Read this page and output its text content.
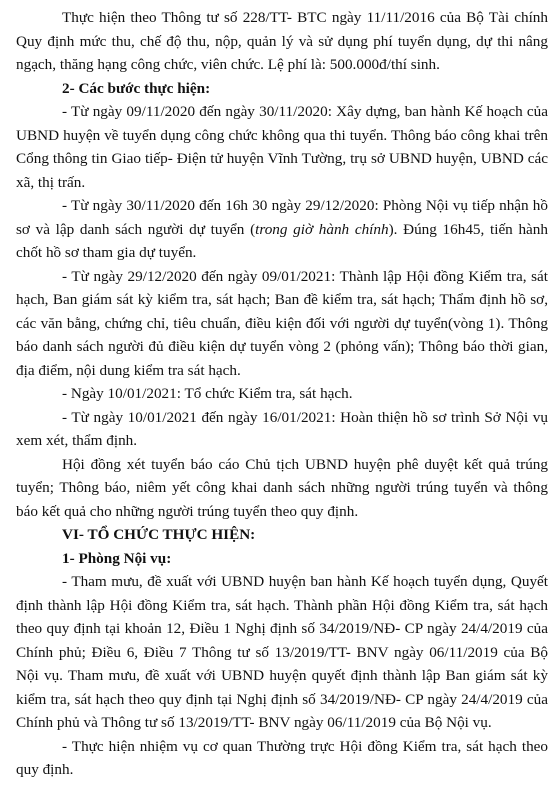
Thực hiện theo Thông tư số 228/TT- BTC ngày 11/11/2016 của Bộ Tài chính Quy định mức thu, chế độ thu, nộp, quản lý và sử dụng phí tuyển dụng, dự thi nâng ngạch, thăng hạng công chức, viên chức. Lệ phí là: 500.000đ/thí sinh.

2- Các bước thực hiện:

- Từ ngày 09/11/2020 đến ngày 30/11/2020: Xây dựng, ban hành Kế hoạch của UBND huyện về tuyển dụng công chức không qua thi tuyển. Thông báo công khai trên Cổng thông tin Giao tiếp- Điện tử huyện Vĩnh Tường, trụ sở UBND huyện, UBND các xã, thị trấn.

- Từ ngày 30/11/2020 đến 16h 30 ngày 29/12/2020: Phòng Nội vụ tiếp nhận hồ sơ và lập danh sách người dự tuyển (trong giờ hành chính). Đúng 16h45, tiến hành chốt hồ sơ tham gia dự tuyển.

- Từ ngày 29/12/2020 đến ngày 09/01/2021: Thành lập Hội đồng Kiểm tra, sát hạch, Ban giám sát kỳ kiểm tra, sát hạch; Ban đề kiểm tra, sát hạch; Thẩm định hồ sơ, các văn bằng, chứng chỉ, tiêu chuẩn, điều kiện đối với người dự tuyển(vòng 1). Thông báo danh sách người đủ điều kiện dự tuyển vòng 2 (phỏng vấn); Thông báo thời gian, địa điểm, nội dung kiểm tra sát hạch.

- Ngày 10/01/2021: Tổ chức Kiểm tra, sát hạch.

- Từ ngày 10/01/2021 đến ngày 16/01/2021: Hoàn thiện hồ sơ trình Sở Nội vụ xem xét, thẩm định.

Hội đồng xét tuyển báo cáo Chủ tịch UBND huyện phê duyệt kết quả trúng tuyển; Thông báo, niêm yết công khai danh sách những người trúng tuyển và thông báo kết quả cho những người trúng tuyển theo quy định.

VI- TỔ CHỨC THỰC HIỆN:

1- Phòng Nội vụ:

- Tham mưu, đề xuất với UBND huyện ban hành Kế hoạch tuyển dụng, Quyết định thành lập Hội đồng Kiểm tra, sát hạch. Thành phần Hội đồng Kiểm tra, sát hạch theo quy định tại khoản 12, Điều 1 Nghị định số 34/2019/NĐ- CP ngày 24/4/2019 của Chính phủ; Điều 6, Điều 7 Thông tư số 13/2019/TT- BNV ngày 06/11/2019 của Bộ Nội vụ. Tham mưu, đề xuất với UBND huyện quyết định thành lập Ban giám sát kỳ kiểm tra, sát hạch theo quy định tại Nghị định số 34/2019/NĐ- CP ngày 24/4/2019 của Chính phủ và Thông tư số 13/2019/TT- BNV ngày 06/11/2019 của Bộ Nội vụ.

- Thực hiện nhiệm vụ cơ quan Thường trực Hội đồng Kiểm tra, sát hạch theo quy định.
